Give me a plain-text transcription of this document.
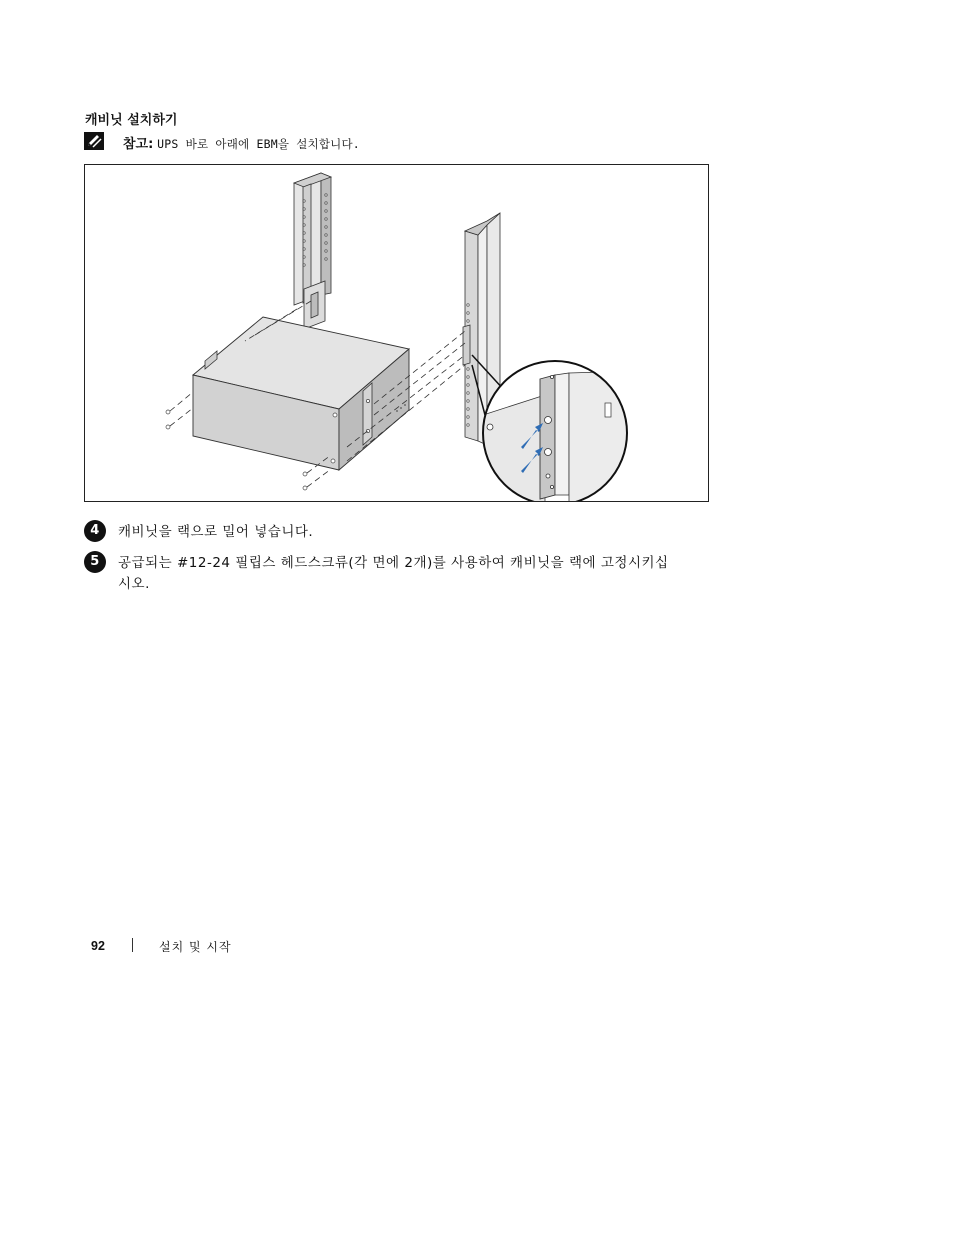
캐비닛 설치하기
참고: UPS 바로 아래에 EBM을 설치합니다.
4	캐비닛을 랙으로 밀어 넣습니다.
5	공급되는 #12-24 필립스 헤드스크류(각 면에 2개)를 사용하여 캐비닛을 랙에 고정시키십시오.
92	설치 및 시작
